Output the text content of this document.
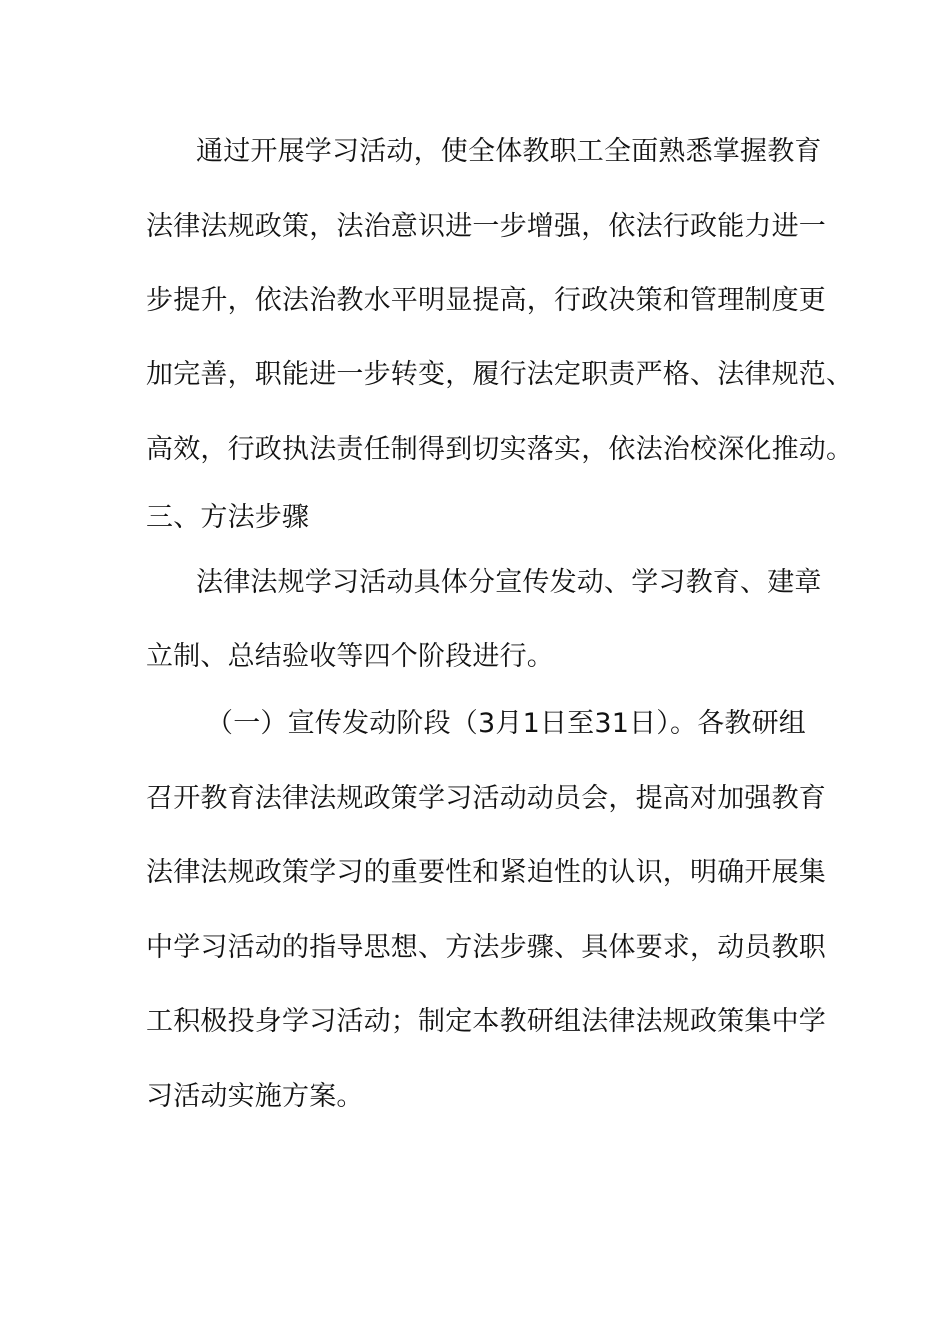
通过开展学习活动，使全体教职工全面熟悉掌握教育
法律法规政策，法治意识进一步增强，依法行政能力进一
步提升，依法治教水平明显提高，行政决策和管理制度更
加完善，职能进一步转变，履行法定职责严格、法律规范、
高效，行政执法责任制得到切实落实，依法治校深化推动。
三、方法步骤
法律法规学习活动具体分宣传发动、学习教育、建章
立制、总结验收等四个阶段进行。
（一）宣传发动阶段（3月1日至31日）。各教研组
召开教育法律法规政策学习活动动员会，提高对加强教育
法律法规政策学习的重要性和紧迫性的认识，明确开展集
中学习活动的指导思想、方法步骤、具体要求，动员教职
工积极投身学习活动；制定本教研组法律法规政策集中学
习活动实施方案。
